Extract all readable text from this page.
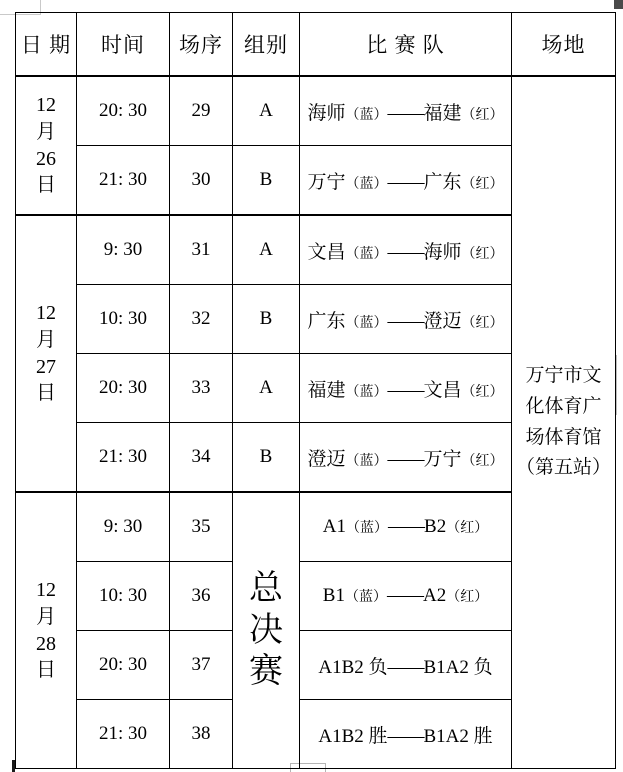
日 期	时间	场序	组别	比 赛 队	场地

12
月
26
日	20: 30	29	A	海师（蓝）——福建（红）	万宁市文
化体育广
场体育馆
（第五站）

	21: 30	30	B	万宁（蓝）——广东（红）	

12
月
27
日	9: 30	31	A	文昌（蓝）——海师（红）	
	10: 30	32	B	广东（蓝）——澄迈（红）	
	20: 30	33	A	福建（蓝）——文昌（红）	
	21: 30	34	B	澄迈（蓝）——万宁（红）	

12
月
28
日	9: 30	35	总
决
赛	A1（蓝）——B2（红）	
	10: 30	36		B1（蓝）——A2（红）	
	20: 30	37		A1B2 负——B1A2 负	
	21: 30	38		A1B2 胜——B1A2 胜	
